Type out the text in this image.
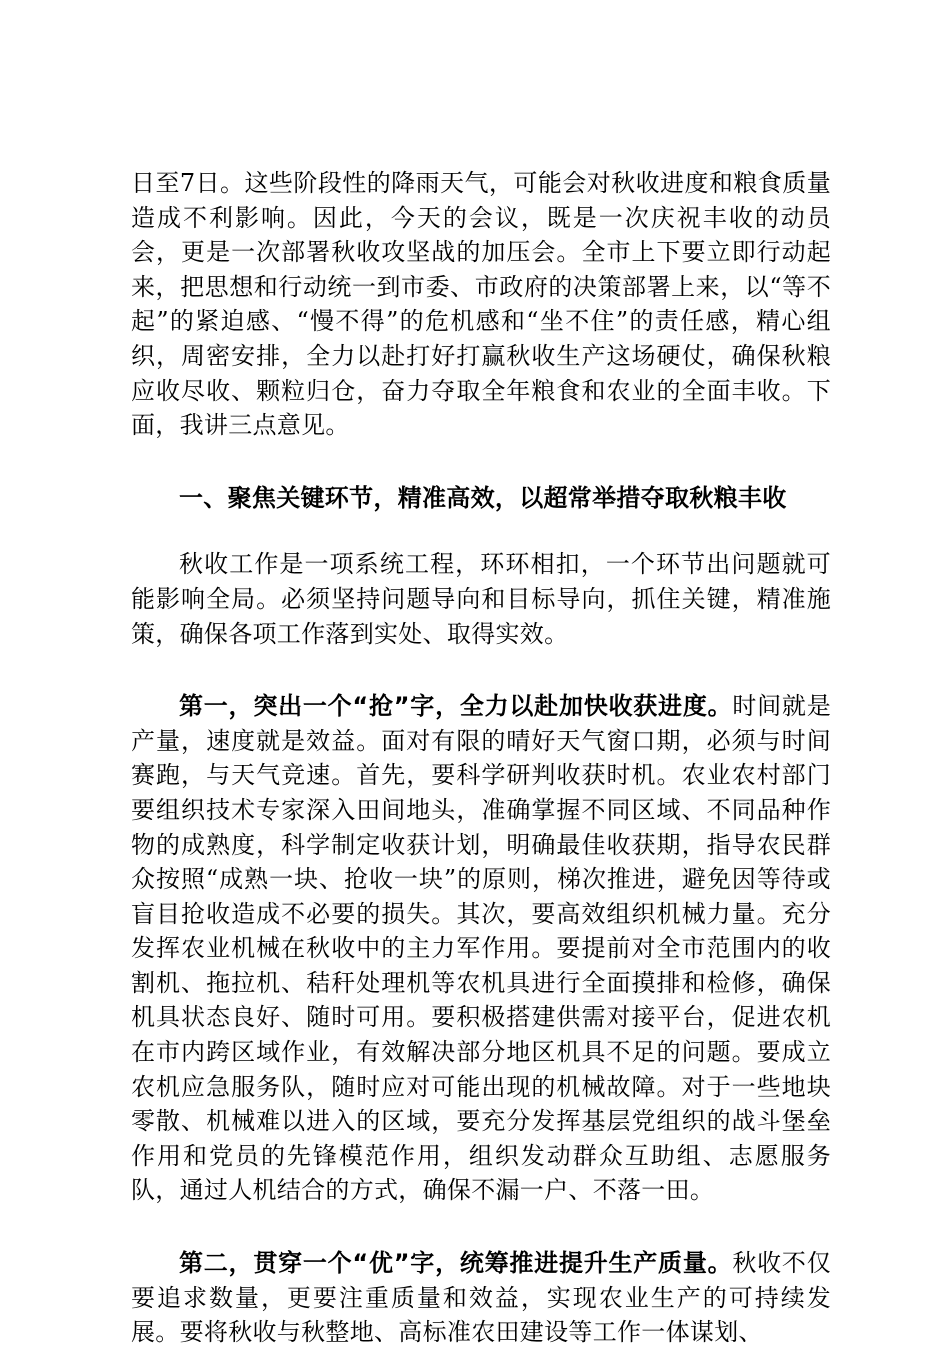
日至7日。这些阶段性的降雨天气，可能会对秋收进度和粮食质量造成不利影响。因此，今天的会议，既是一次庆祝丰收的动员会，更是一次部署秋收攻坚战的加压会。全市上下要立即行动起来，把思想和行动统一到市委、市政府的决策部署上来，以“等不起”的紧迫感、“慢不得”的危机感和“坐不住”的责任感，精心组织，周密安排，全力以赴打好打赢秋收生产这场硬仗，确保秋粮应收尽收、颗粒归仓，奋力夺取全年粮食和农业的全面丰收。下面，我讲三点意见。

一、聚焦关键环节，精准高效，以超常举措夺取秋粮丰收

秋收工作是一项系统工程，环环相扣，一个环节出问题就可能影响全局。必须坚持问题导向和目标导向，抓住关键，精准施策，确保各项工作落到实处、取得实效。

第一，突出一个“抢”字，全力以赴加快收获进度。时间就是产量，速度就是效益。面对有限的晴好天气窗口期，必须与时间赛跑，与天气竞速。首先，要科学研判收获时机。农业农村部门要组织技术专家深入田间地头，准确掌握不同区域、不同品种作物的成熟度，科学制定收获计划，明确最佳收获期，指导农民群众按照“成熟一块、抢收一块”的原则，梯次推进，避免因等待或盲目抢收造成不必要的损失。其次，要高效组织机械力量。充分发挥农业机械在秋收中的主力军作用。要提前对全市范围内的收割机、拖拉机、秸秆处理机等农机具进行全面摸排和检修，确保机具状态良好、随时可用。要积极搭建供需对接平台，促进农机在市内跨区域作业，有效解决部分地区机具不足的问题。要成立农机应急服务队，随时应对可能出现的机械故障。对于一些地块零散、机械难以进入的区域，要充分发挥基层党组织的战斗堡垒作用和党员的先锋模范作用，组织发动群众互助组、志愿服务队，通过人机结合的方式，确保不漏一户、不落一田。

第二，贯穿一个“优”字，统筹推进提升生产质量。秋收不仅要追求数量，更要注重质量和效益，实现农业生产的可持续发展。要将秋收与秋整地、高标准农田建设等工作一体谋划、
